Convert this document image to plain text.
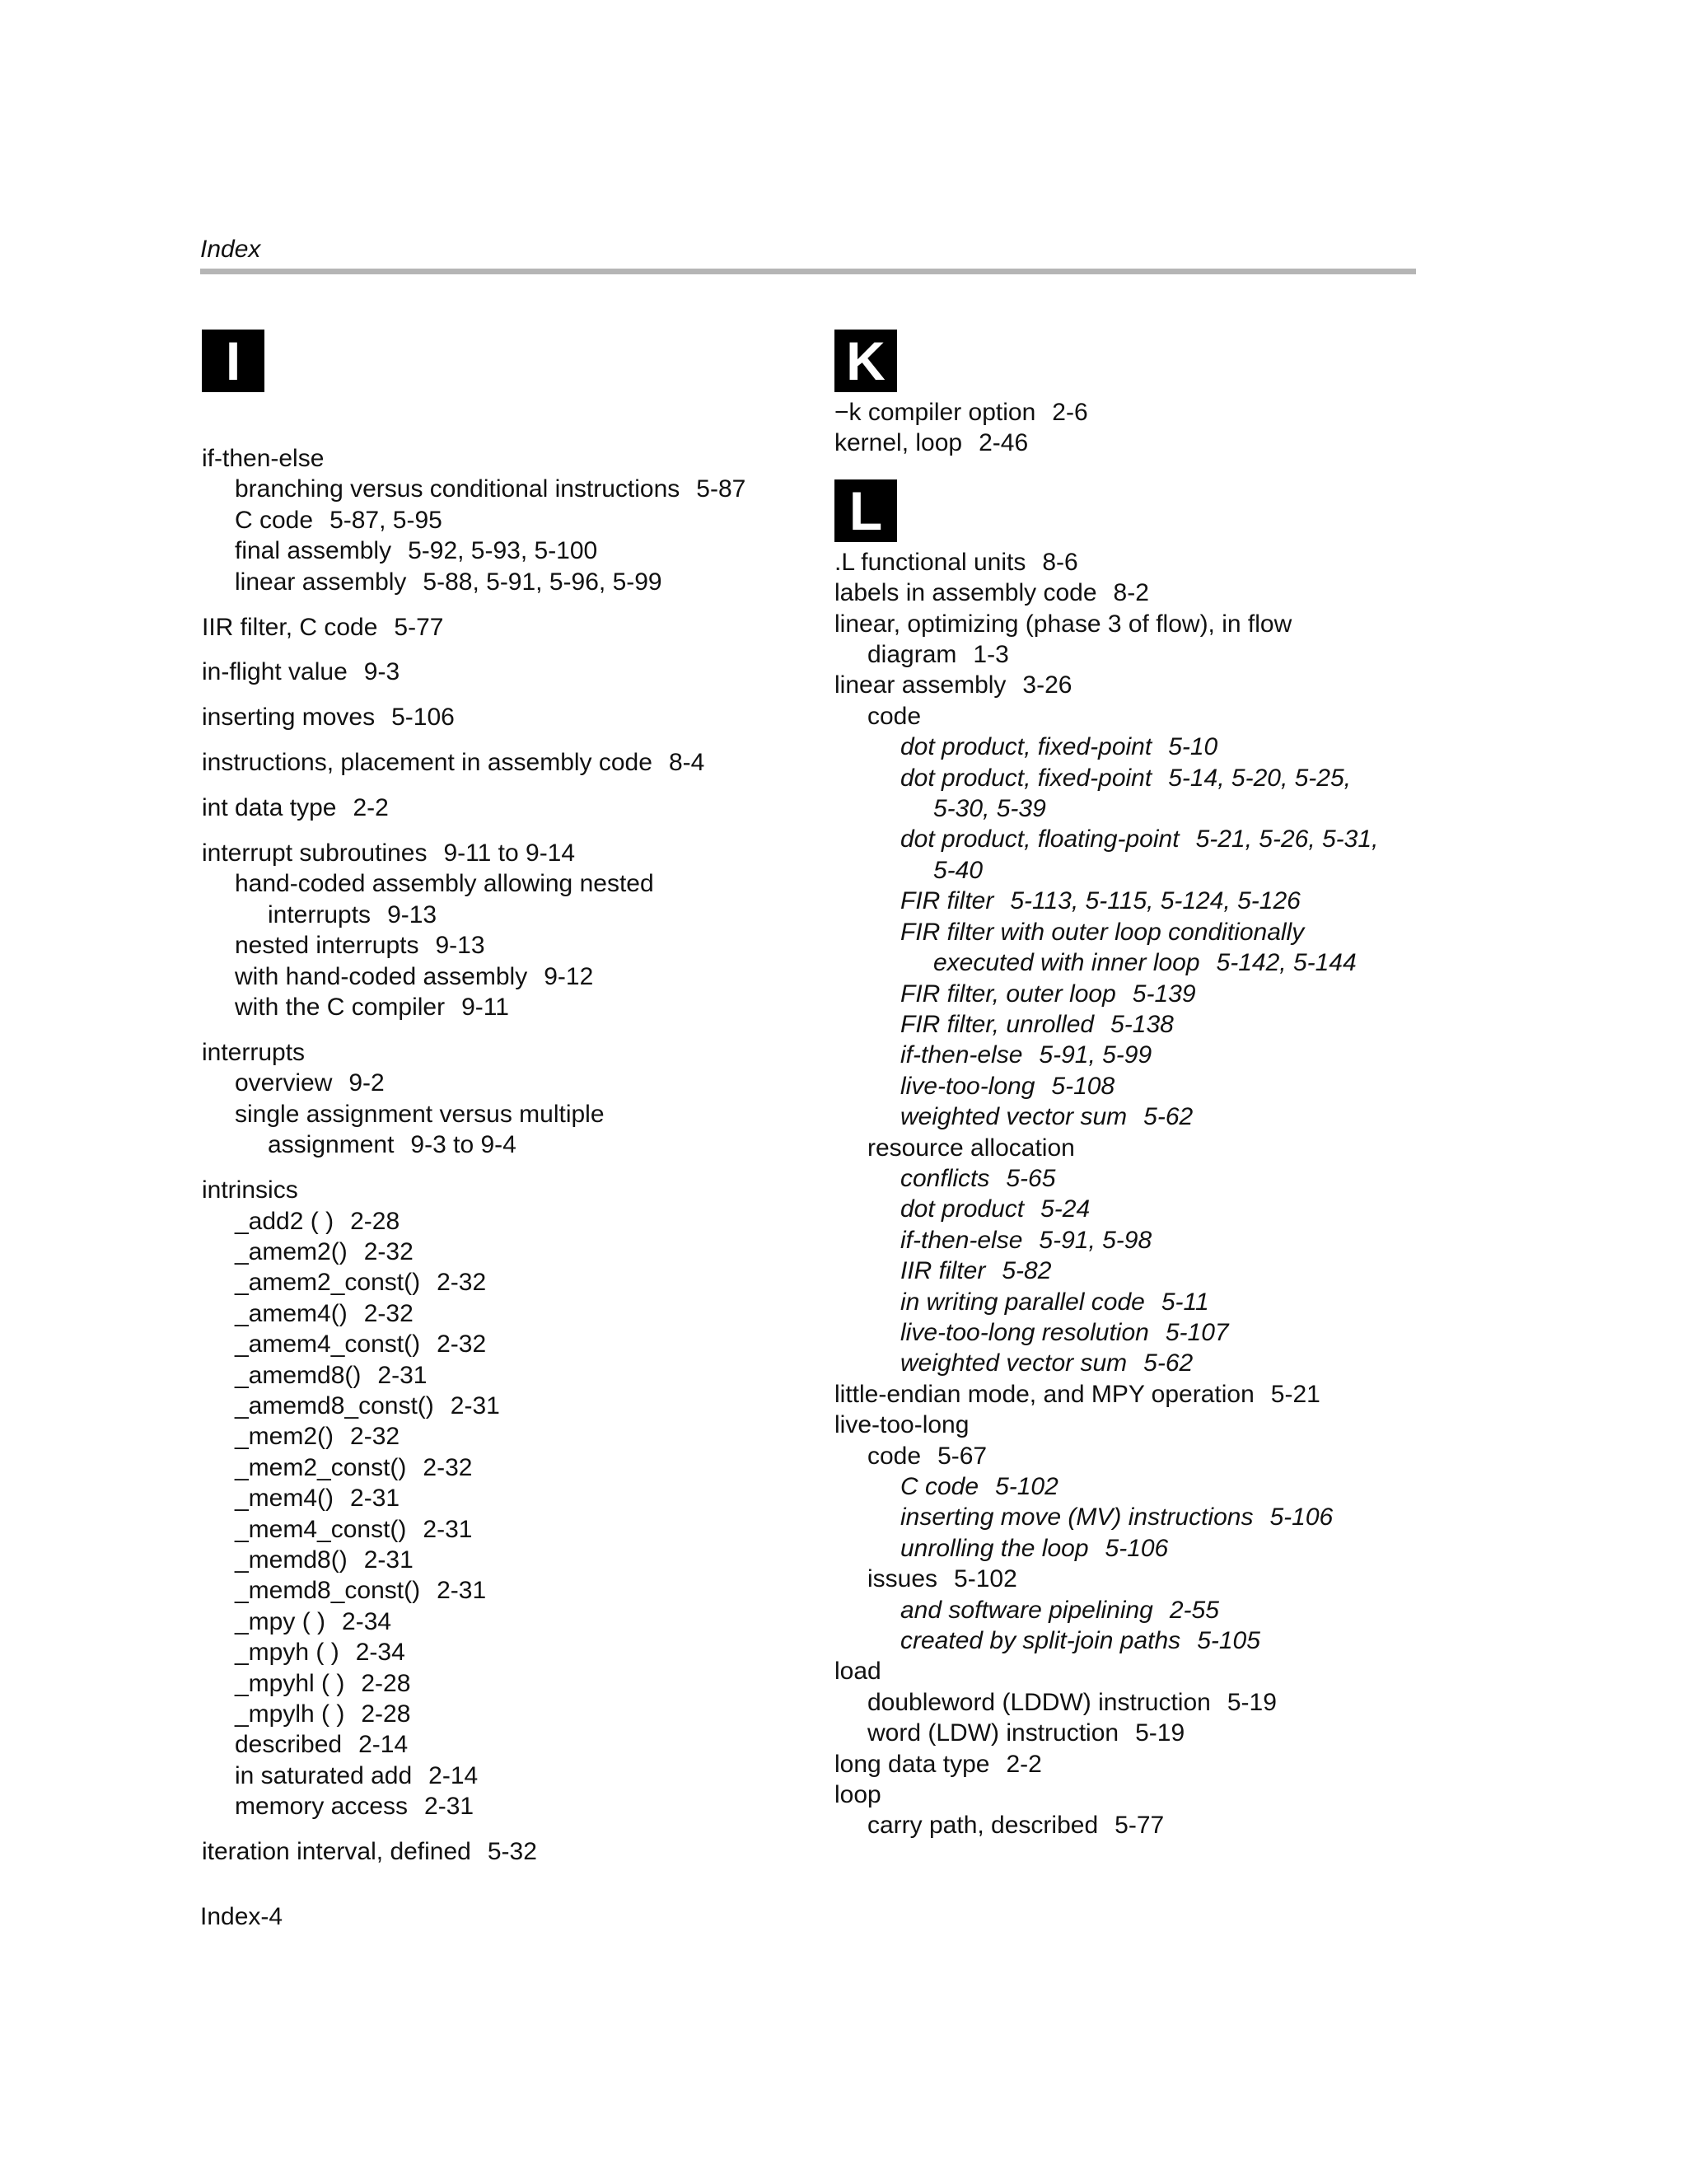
Index
I
if-then-else
branching versus conditional instructions 5-87
C code 5-87, 5-95
final assembly 5-92, 5-93, 5-100
linear assembly 5-88, 5-91, 5-96, 5-99
IIR filter, C code 5-77
in-flight value 9-3
inserting moves 5-106
instructions, placement in assembly code 8-4
int data type 2-2
interrupt subroutines 9-11 to 9-14
hand-coded assembly allowing nested
interrupts 9-13
nested interrupts 9-13
with hand-coded assembly 9-12
with the C compiler 9-11
interrupts
overview 9-2
single assignment versus multiple
assignment 9-3 to 9-4
intrinsics
_add2 ( ) 2-28
_amem2() 2-32
_amem2_const() 2-32
_amem4() 2-32
_amem4_const() 2-32
_amemd8() 2-31
_amemd8_const() 2-31
_mem2() 2-32
_mem2_const() 2-32
_mem4() 2-31
_mem4_const() 2-31
_memd8() 2-31
_memd8_const() 2-31
_mpy ( ) 2-34
_mpyh ( ) 2-34
_mpyhl ( ) 2-28
_mpylh ( ) 2-28
described 2-14
in saturated add 2-14
memory access 2-31
iteration interval, defined 5-32
K
−k compiler option 2-6
kernel, loop 2-46
L
.L functional units 8-6
labels in assembly code 8-2
linear, optimizing (phase 3 of flow), in flow
diagram 1-3
linear assembly 3-26
code
dot product, fixed-point 5-10
dot product, fixed-point 5-14, 5-20, 5-25,
5-30, 5-39
dot product, floating-point 5-21, 5-26, 5-31,
5-40
FIR filter 5-113, 5-115, 5-124, 5-126
FIR filter with outer loop conditionally
executed with inner loop 5-142, 5-144
FIR filter, outer loop 5-139
FIR filter, unrolled 5-138
if-then-else 5-91, 5-99
live-too-long 5-108
weighted vector sum 5-62
resource allocation
conflicts 5-65
dot product 5-24
if-then-else 5-91, 5-98
IIR filter 5-82
in writing parallel code 5-11
live-too-long resolution 5-107
weighted vector sum 5-62
little-endian mode, and MPY operation 5-21
live-too-long
code 5-67
C code 5-102
inserting move (MV) instructions 5-106
unrolling the loop 5-106
issues 5-102
and software pipelining 2-55
created by split-join paths 5-105
load
doubleword (LDDW) instruction 5-19
word (LDW) instruction 5-19
long data type 2-2
loop
carry path, described 5-77
Index-4
